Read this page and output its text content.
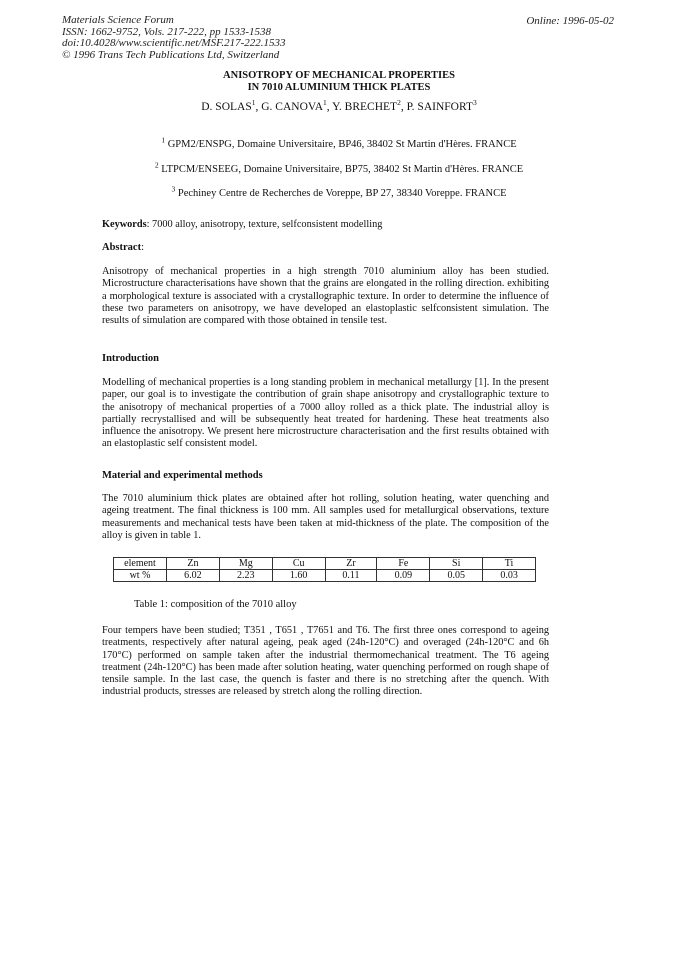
Materials Science Forum
ISSN: 1662-9752, Vols. 217-222, pp 1533-1538
doi:10.4028/www.scientific.net/MSF.217-222.1533
© 1996 Trans Tech Publications Ltd, Switzerland
Online: 1996-05-02
ANISOTROPY OF MECHANICAL PROPERTIES
IN 7010 ALUMINIUM THICK PLATES
D. SOLAS$^1$, G. CANOVA$^1$, Y. BRECHET$^2$, P. SAINFORT$^3$
$^1$ GPM2/ENSPG, Domaine Universitaire, BP46, 38402 St Martin d'Hères. FRANCE
$^2$ LTPCM/ENSEEG, Domaine Universitaire, BP75, 38402 St Martin d'Hères. FRANCE
$^3$ Pechiney Centre de Recherches de Voreppe, BP 27, 38340 Voreppe. FRANCE
Keywords: 7000 alloy, anisotropy, texture, selfconsistent modelling
Abstract:

Anisotropy of mechanical properties in a high strength 7010 aluminium alloy has been studied. Microstructure characterisations have shown that the grains are elongated in the rolling direction. exhibiting a morphological texture is associated with a crystallographic texture. In order to determine the influence of these two parameters on anisotropy, we have developed an elastoplastic selfconsistent simulation. The results of simulation are compared with those obtained in tensile test.

Introduction

Modelling of mechanical properties is a long standing problem in mechanical metallurgy [1]. In the present paper, our goal is to investigate the contribution of grain shape anisotropy and crystallographic texture to the anisotropy of mechanical properties of a 7000 alloy rolled as a thick plate. The industrial alloy is partially recrystallised and will be subsequently heat treated for hardening. These heat treatments also influence the anisotropy. We present here microstructure characterisation and the first results obtained with an elastoplastic self consistent model.

Material and experimental methods

The 7010 aluminium thick plates are obtained after hot rolling, solution heating, water quenching and ageing treatment. The final thickness is 100 mm. All samples used for metallurgical observations, texture measurements and mechanical tests have been taken at mid-thickness of the plate. The composition of the alloy is given in table 1.

element	Zn	Mg	Cu	Zr	Fe	Si	Ti
wt %	6.02	2.23	1.60	0.11	0.09	0.05	0.03
Table 1: composition of the 7010 alloy

Four tempers have been studied; T351 , T651 , T7651 and T6. The first three ones correspond to ageing treatments, respectively after natural ageing, peak aged (24h-120°C) and overaged (24h-120°C and 6h 170°C) performed on sample taken after the industrial thermomechanical treatment. The T6 ageing treatment (24h-120°C) has been made after solution heating, water quenching performed on rough shape of tensile sample. In the last case, the quench is faster and there is no stretching after the quench. With industrial products, stresses are released by stretch along the rolling direction.
